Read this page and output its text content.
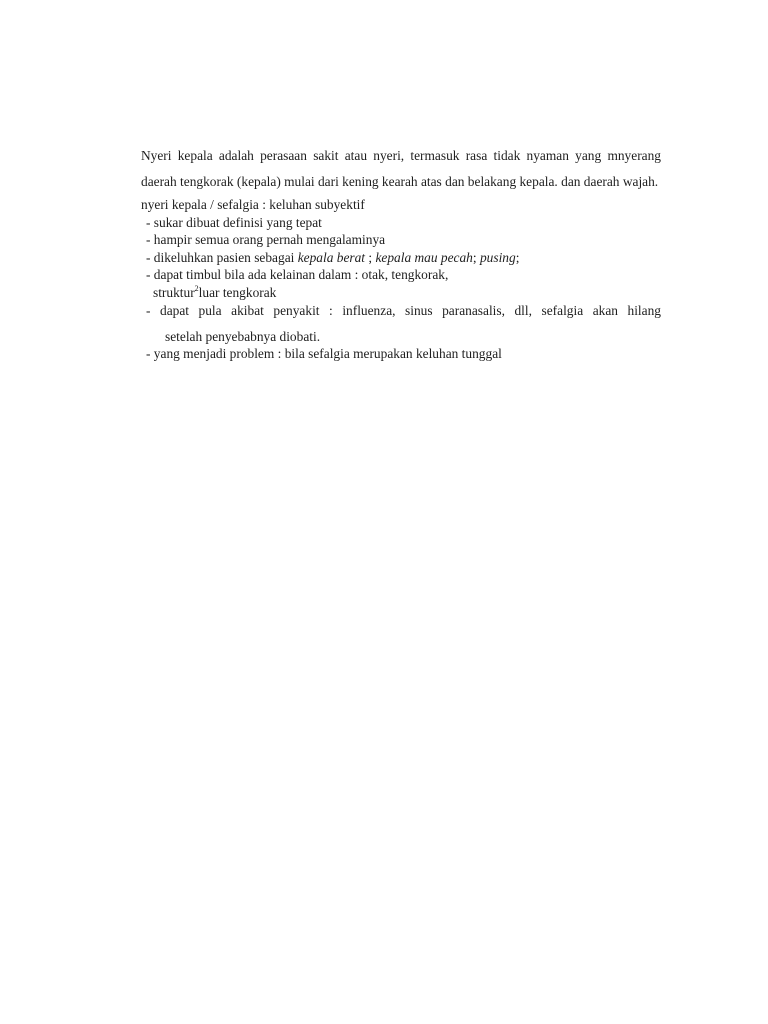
Nyeri kepala adalah perasaan sakit atau nyeri, termasuk rasa tidak nyaman yang mnyerang daerah tengkorak (kepala) mulai dari kening kearah atas dan belakang kepala. dan daerah wajah.

nyeri kepala / sefalgia : keluhan subyektif
- sukar dibuat definisi yang tepat
- hampir semua orang pernah mengalaminya
- dikeluhkan pasien sebagai kepala berat ; kepala mau pecah; pusing;
- dapat timbul bila ada kelainan dalam : otak, tengkorak,
struktur$^2$luar tengkorak
- dapat pula akibat penyakit : influenza, sinus paranasalis, dll, sefalgia akan hilang
setelah penyebabnya diobati.
- yang menjadi problem : bila sefalgia merupakan keluhan tunggal
